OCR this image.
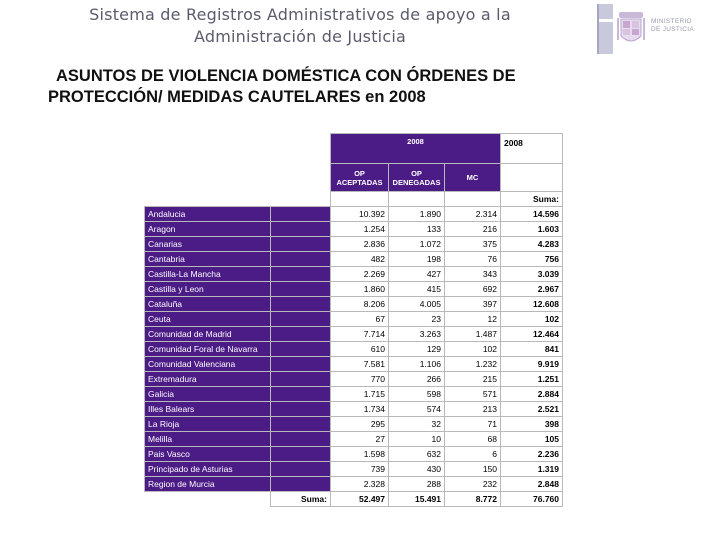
Sistema de Registros Administrativos de apoyo a la
Administración de Justicia
MINISTERIO
DE JUSTICIA
ASUNTOS DE VIOLENCIA DOMÉSTICA CON ÓRDENES DE
PROTECCIÓN/ MEDIDAS CAUTELARES en 2008
		2008			2008
		OP ACEPTADAS	OP DENEGADAS	MC	
					Suma:
Andalucia		10.392	1.890	2.314	14.596
Aragon		1.254	133	216	1.603
Canarias		2.836	1.072	375	4.283
Cantabria		482	198	76	756
Castilla-La Mancha		2.269	427	343	3.039
Castilla y Leon		1.860	415	692	2.967
Cataluña		8.206	4.005	397	12.608
Ceuta		67	23	12	102
Comunidad de Madrid		7.714	3.263	1.487	12.464
Comunidad Foral de Navarra		610	129	102	841
Comunidad Valenciana		7.581	1.106	1.232	9.919
Extremadura		770	266	215	1.251
Galicia		1.715	598	571	2.884
Illes Balears		1.734	574	213	2.521
La Rioja		295	32	71	398
Melilla		27	10	68	105
Pais Vasco		1.598	632	6	2.236
Principado de Asturias		739	430	150	1.319
Region de Murcia		2.328	288	232	2.848
	Suma:	52.497	15.491	8.772	76.760
